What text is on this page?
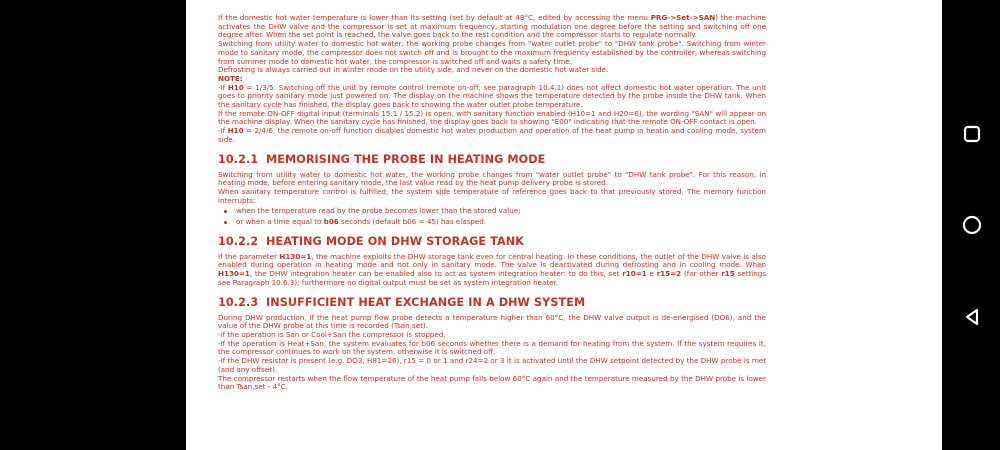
If the domestic hot water temperature is lower than its setting (set by default at 48°C, edited by accessing the menu PRG->Set->SAN) the machine activates the DHW valve and the compressor is set at maximum frequency, starting modulation one degree before the setting and switching off one degree after. When the set point is reached, the valve goes back to the rest condition and the compressor starts to regulate normally.

Switching from utility water to domestic hot water, the working probe changes from "water outlet probe" to "DHW tank probe". Switching from winter mode to sanitary mode, the compressor does not switch off and is brought to the maximum frequency established by the controller, whereas switching from summer mode to domestic hot water, the compressor is switched off and waits a safety time.

Defrosting is always carried out in winter mode on the utility side, and never on the domestic hot water side.

NOTE:

-If H10 = 1/3/5. Switching off the unit by remote control (remote on-off, see paragraph 10.4.1) does not affect domestic hot water operation. The unit goes to priority sanitary mode just powered on. The display on the machine shows the temperature detected by the probe inside the DHW tank. When the sanitary cycle has finished, the display goes back to showing the water outlet probe temperature.

If the remote ON-OFF digital input (terminals 15.1 / 15.2) is open, with sanitary function enabled (H10=1 and H20=6), the wording "SAN" will appear on the machine display. When the sanitary cycle has finished, the display goes back to showing "E00" indicating that the remote ON-OFF contact is open.

-If H10 = 2/4/6, the remote on-off function disables domestic hot water production and operation of the heat pump in heatin and cooling mode, system side.

10.2.1 MEMORISING THE PROBE IN HEATING MODE

Switching from utility water to domestic hot water, the working probe changes from "water outlet probe" to "DHW tank probe". For this reason, in heating mode, before entering sanitary mode, the last value read by the heat pump delivery probe is stored.

When sanitary temperature control is fulfilled, the system side temperature of reference goes back to that previously stored. The memory function interrupts:

when the temperature read by the probe becomes lower than the stored value;
or when a time equal to b06 seconds (default b06 = 45) has elasped.
10.2.2 HEATING MODE ON DHW STORAGE TANK

If the parameter H130=1, the machine exploits the DHW storage tank even for central heating. In these conditions, the outlet of the DHW valve is also enabled during operation in heating mode and not only in sanitary mode. The valve is deactivated during defrosting and in cooling mode. When H130=1, the DHW integration heater can be enabled also to act as system integration heater: to do this, set r10=1 e r15=2 (for other r15 settings see Paragraph 10.6.3); furthermore no digital output must be set as system integration heater.

10.2.3 INSUFFICIENT HEAT EXCHANGE IN A DHW SYSTEM

During DHW production, if the heat pump flow probe detects a temperature higher than 60°C, the DHW valve output is de-energised (DO6), and the value of the DHW probe at this time is recorded (Tsan,set).

-if the operation is San or Cool+San the compressor is stopped.

-If the operation is Heat+San, the system evaluates for b06 seconds whether there is a demand for heating from the system. If the system requires it, the compressor continues to work on the system, otherwise it is switched off.

-If the DHW resistor is present (e.g. DO3, H81=26), r15 = 0 or 1 and r24=2 or 3 it is activated until the DHW setpoint detected by the DHW probe is met (and any offset).

The compressor restarts when the flow temperature of the heat pump falls below 60°C again and the temperature measured by the DHW probe is lower than Tsan,set - 4°C.
